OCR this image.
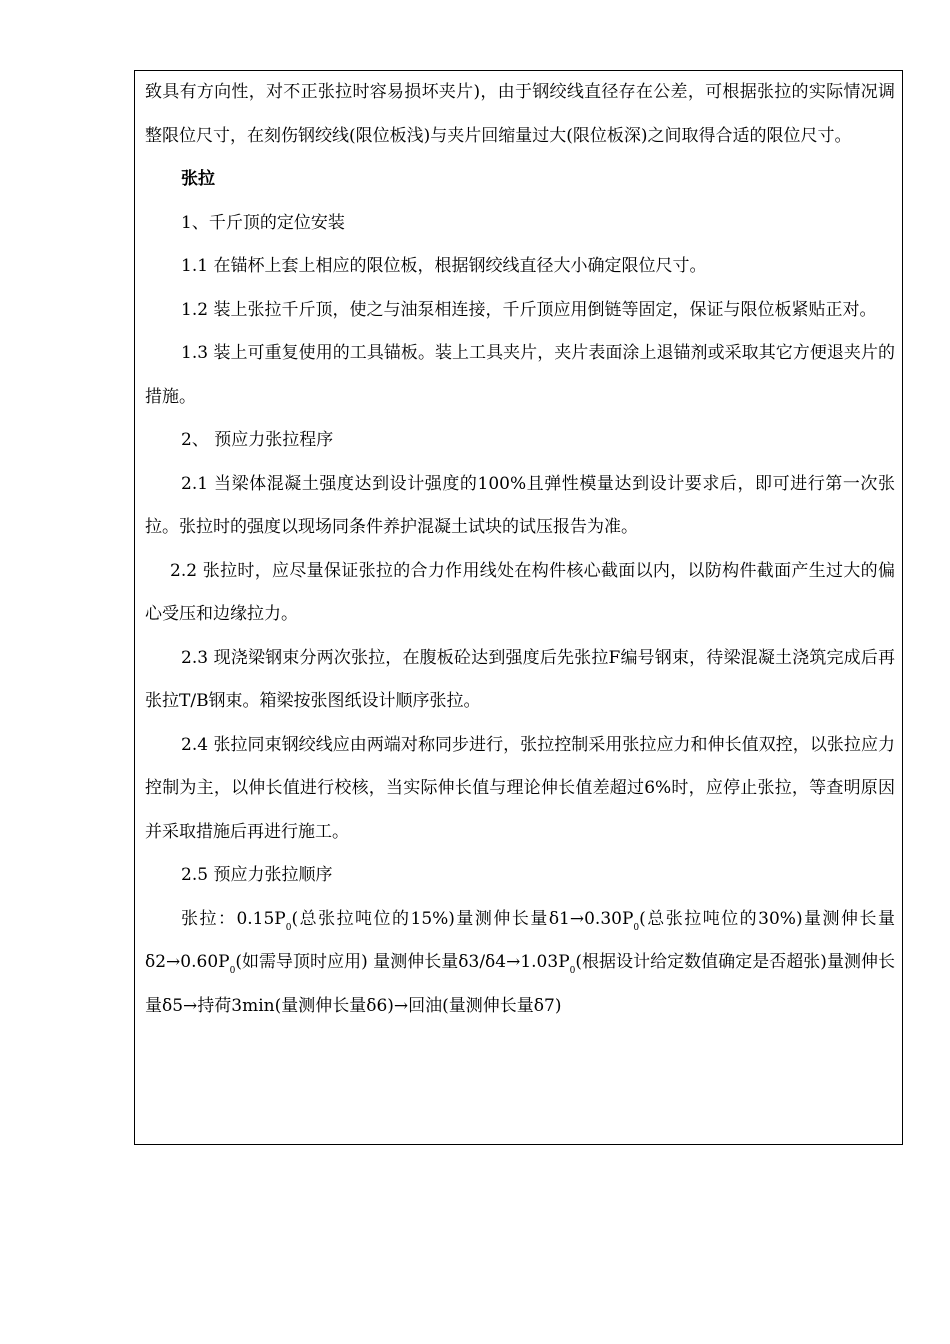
致具有方向性，对不正张拉时容易损坏夹片)，由于钢绞线直径存在公差，可根据张拉的实际情况调整限位尺寸，在刻伤钢绞线(限位板浅)与夹片回缩量过大(限位板深)之间取得合适的限位尺寸。

张拉

1、千斤顶的定位安装

1.1 在锚杯上套上相应的限位板，根据钢绞线直径大小确定限位尺寸。

1.2 装上张拉千斤顶，使之与油泵相连接，千斤顶应用倒链等固定，保证与限位板紧贴正对。

1.3 装上可重复使用的工具锚板。装上工具夹片，夹片表面涂上退锚剂或采取其它方便退夹片的措施。

2、 预应力张拉程序

2.1 当梁体混凝土强度达到设计强度的100%且弹性模量达到设计要求后，即可进行第一次张拉。张拉时的强度以现场同条件养护混凝土试块的试压报告为准。

2.2 张拉时，应尽量保证张拉的合力作用线处在构件核心截面以内，以防构件截面产生过大的偏心受压和边缘拉力。

2.3 现浇梁钢束分两次张拉，在腹板砼达到强度后先张拉F编号钢束，待梁混凝土浇筑完成后再张拉T/B钢束。箱梁按张图纸设计顺序张拉。

2.4 张拉同束钢绞线应由两端对称同步进行，张拉控制采用张拉应力和伸长值双控，以张拉应力控制为主，以伸长值进行校核，当实际伸长值与理论伸长值差超过6%时，应停止张拉，等查明原因并采取措施后再进行施工。

2.5 预应力张拉顺序

张拉：$0.15P_0$(总张拉吨位的15%)量测伸长量$\delta 1\to 0.30P_0$(总张拉吨位的30%)量测伸长量$\delta 2\to 0.60P_0$(如需导顶时应用) 量测伸长量$\delta 3/\delta 4\to 1.03P_0$(根据设计给定数值确定是否超张)量测伸长量δ5→持荷3min(量测伸长量δ6)→回油(量测伸长量δ7)
